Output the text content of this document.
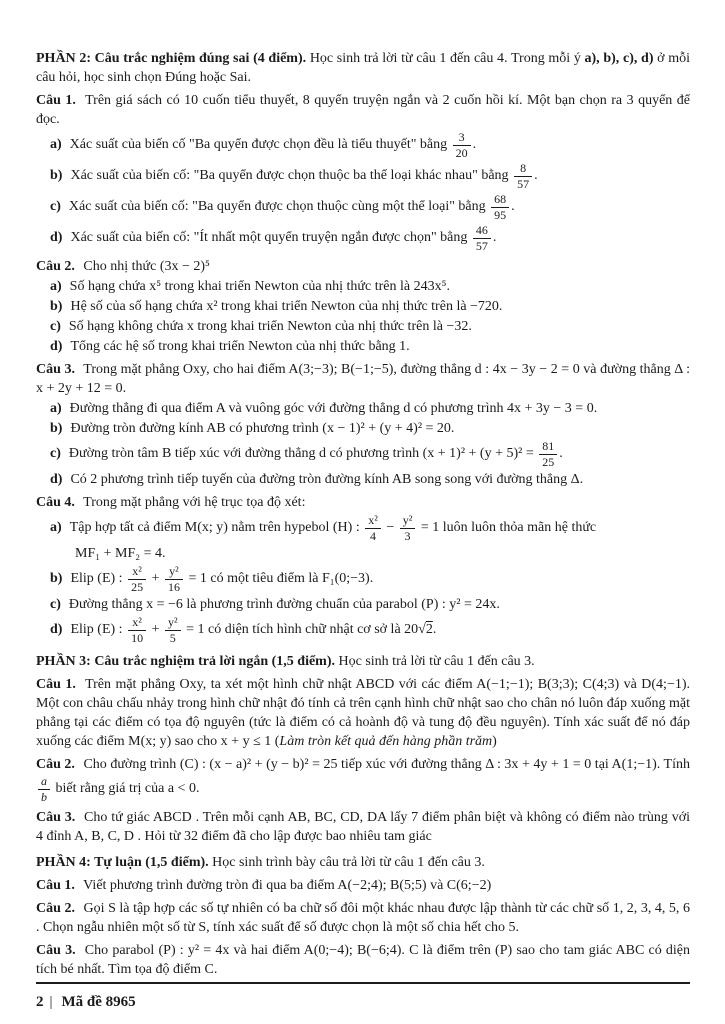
PHẦN 2: Câu trắc nghiệm đúng sai (4 điểm). Học sinh trả lời từ câu 1 đến câu 4. Trong mỗi ý a), b), c), d) ở mỗi câu hỏi, học sinh chọn Đúng hoặc Sai.

Câu 1. Trên giá sách có 10 cuốn tiểu thuyết, 8 quyển truyện ngắn và 2 cuốn hồi kí. Một bạn chọn ra 3 quyển để đọc.

a) Xác suất của biến cố "Ba quyển được chọn đều là tiểu thuyết" bằng $\frac{3}{20}$ .
b) Xác suất của biến cố: "Ba quyển được chọn thuộc ba thể loại khác nhau" bằng $\frac{8}{57}$ .
c) Xác suất của biến cố: "Ba quyển được chọn thuộc cùng một thể loại" bằng $\frac{68}{95}$ .
d) Xác suất của biến cố: "Ít nhất một quyển truyện ngắn được chọn" bằng $\frac{46}{57}$ .

Câu 2. Cho nhị thức (3x − 2)⁵

a) Số hạng chứa x⁵ trong khai triển Newton của nhị thức trên là 243x⁵.
b) Hệ số của số hạng chứa x² trong khai triển Newton của nhị thức trên là −720.
c) Số hạng không chứa x trong khai triển Newton của nhị thức trên là −32.
d) Tổng các hệ số trong khai triển Newton của nhị thức bằng 1.

Câu 3. Trong mặt phẳng Oxy, cho hai điểm A(3;−3); B(−1;−5), đường thẳng d : 4x − 3y − 2 = 0 và đường thẳng Δ : x + 2y + 12 = 0.

a) Đường thẳng đi qua điểm A và vuông góc với đường thẳng d có phương trình 4x + 3y − 3 = 0.
b) Đường tròn đường kính AB có phương trình (x − 1)² + (y + 4)² = 20.
c) Đường tròn tâm B tiếp xúc với đường thẳng d có phương trình $(x + 1)^2 + (y + 5)^2 = \frac{81}{25}$ .
d) Có 2 phương trình tiếp tuyến của đường tròn đường kính AB song song với đường thẳng Δ.

Câu 4. Trong mặt phẳng với hệ trục tọa độ xét:

a) Tập hợp tất cả điểm M(x; y) nằm trên hypebol (H) : $\frac{\text{x²}}{4} - \frac{\text{y²}}{3} = 1$ luôn luôn thỏa mãn hệ thức
MF₁ + MF₂ = 4.
b) Elip (E) : $\frac{\text{x²}}{25} + \frac{\text{y²}}{16} = 1$ có một tiêu điểm là F₁(0;−3).
c) Đường thẳng x = −6 là phương trình đường chuẩn của parabol (P) : y² = 24x.
d) Elip (E) : $\frac{\text{x²}}{10} + \frac{\text{y²}}{5} = 1$ có diện tích hình chữ nhật cơ sở là 20√2.

PHẦN 3: Câu trắc nghiệm trả lời ngắn (1,5 điểm). Học sinh trả lời từ câu 1 đến câu 3.

Câu 1. Trên mặt phẳng Oxy, ta xét một hình chữ nhật ABCD với các điểm A(−1;−1); B(3;3); C(4;3) và D(4;−1). Một con châu chấu nhảy trong hình chữ nhật đó tính cả trên cạnh hình chữ nhật sao cho chân nó luôn đáp xuống mặt phẳng tại các điểm có tọa độ nguyên (tức là điểm có cả hoành độ và tung độ đều nguyên). Tính xác suất để nó đáp xuống các điểm M(x; y) sao cho x + y ≤ 1 (Làm tròn kết quả đến hàng phần trăm)

Câu 2. Cho đường trình (C) : (x − a)² + (y − b)² = 25 tiếp xúc với đường thẳng Δ : 3x + 4y + 1 = 0 tại A(1;−1). Tính
$\frac{a}{b}$ biết rằng giá trị của a < 0.

Câu 3. Cho tứ giác ABCD . Trên mỗi cạnh AB, BC, CD, DA lấy 7 điểm phân biệt và không có điểm nào trùng với 4 đỉnh A, B, C, D . Hỏi từ 32 điểm đã cho lập được bao nhiêu tam giác

PHẦN 4: Tự luận (1,5 điểm). Học sinh trình bày câu trả lời từ câu 1 đến câu 3.

Câu 1. Viết phương trình đường tròn đi qua ba điểm A(−2;4); B(5;5) và C(6;−2)

Câu 2. Gọi S là tập hợp các số tự nhiên có ba chữ số đôi một khác nhau được lập thành từ các chữ số 1, 2, 3, 4, 5, 6 . Chọn ngẫu nhiên một số từ S, tính xác suất để số được chọn là một số chia hết cho 5.

Câu 3. Cho parabol (P) : y² = 4x và hai điểm A(0;−4); B(−6;4). C là điểm trên (P) sao cho tam giác ABC có diện tích bé nhất. Tìm tọa độ điểm C.

2 | Mã đề 8965
